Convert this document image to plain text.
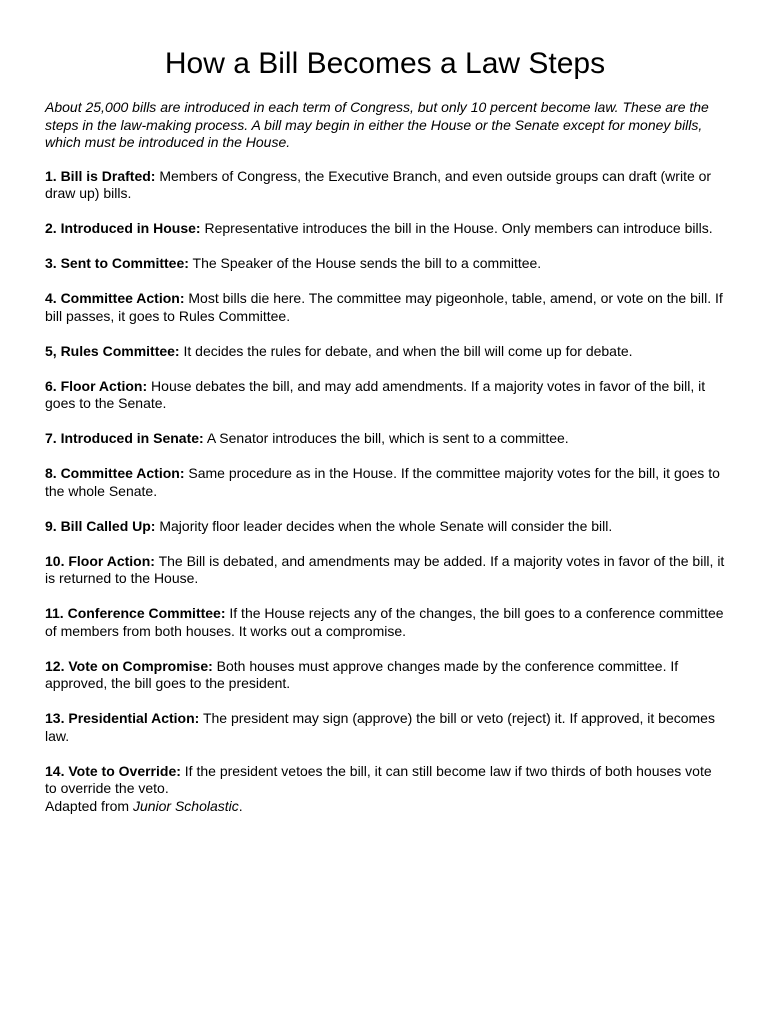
How a Bill Becomes a Law Steps

About 25,000 bills are introduced in each term of Congress, but only 10 percent become law. These are the steps in the law-making process. A bill may begin in either the House or the Senate except for money bills, which must be introduced in the House.

1. Bill is Drafted: Members of Congress, the Executive Branch, and even outside groups can draft (write or draw up) bills.

2. Introduced in House: Representative introduces the bill in the House. Only members can introduce bills.

3. Sent to Committee: The Speaker of the House sends the bill to a committee.

4. Committee Action: Most bills die here. The committee may pigeonhole, table, amend, or vote on the bill. If bill passes, it goes to Rules Committee.

5, Rules Committee: It decides the rules for debate, and when the bill will come up for debate.

6. Floor Action: House debates the bill, and may add amendments. If a majority votes in favor of the bill, it goes to the Senate.

7. Introduced in Senate: A Senator introduces the bill, which is sent to a committee.

8. Committee Action: Same procedure as in the House. If the committee majority votes for the bill, it goes to the whole Senate.

9. Bill Called Up: Majority floor leader decides when the whole Senate will consider the bill.

10. Floor Action: The Bill is debated, and amendments may be added. If a majority votes in favor of the bill, it is returned to the House.

11. Conference Committee: If the House rejects any of the changes, the bill goes to a conference committee of members from both houses. It works out a compromise.

12. Vote on Compromise: Both houses must approve changes made by the conference committee. If approved, the bill goes to the president.

13. Presidential Action: The president may sign (approve) the bill or veto (reject) it. If approved, it becomes law.

14. Vote to Override: If the president vetoes the bill, it can still become law if two thirds of both houses vote to override the veto.

Adapted from Junior Scholastic.
